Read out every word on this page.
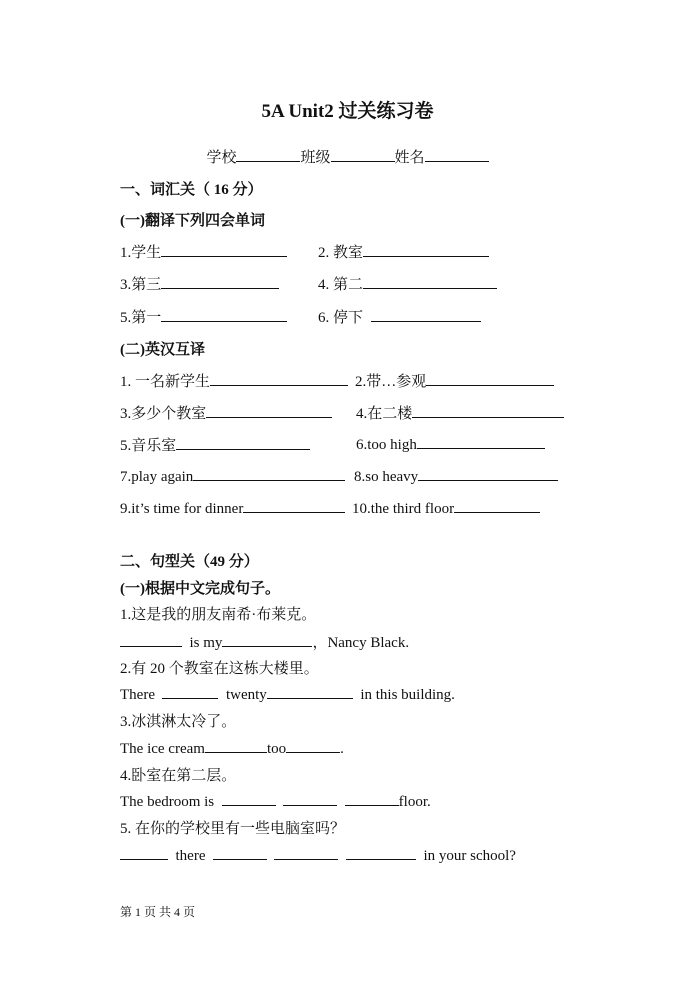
5A Unit2 过关练习卷
学校	班级	姓名
一、词汇关（ 16 分）
(一)翻译下列四会单词
1.学生	2. 教室
3.第三	4. 第二
5.第一	6. 停下
(二)英汉互译
1. 一名新学生	2.带…参观
3.多少个教室	4.在二楼
5.音乐室	6.too high
7.play again	8.so heavy
9.it’s time for dinner	10.the third floor
二、句型关（49 分）
(一)根据中文完成句子。
1.这是我的朋友南希·布莱克。
is my	，Nancy Black.
2.有 20 个教室在这栋大楼里。
There	twenty	in this building.
3.冰淇淋太冷了。
The ice cream	too	.
4.卧室在第二层。
The bedroom is	floor.
5. 在你的学校里有一些电脑室吗？
there	in your school?
第 1 页 共 4 页
